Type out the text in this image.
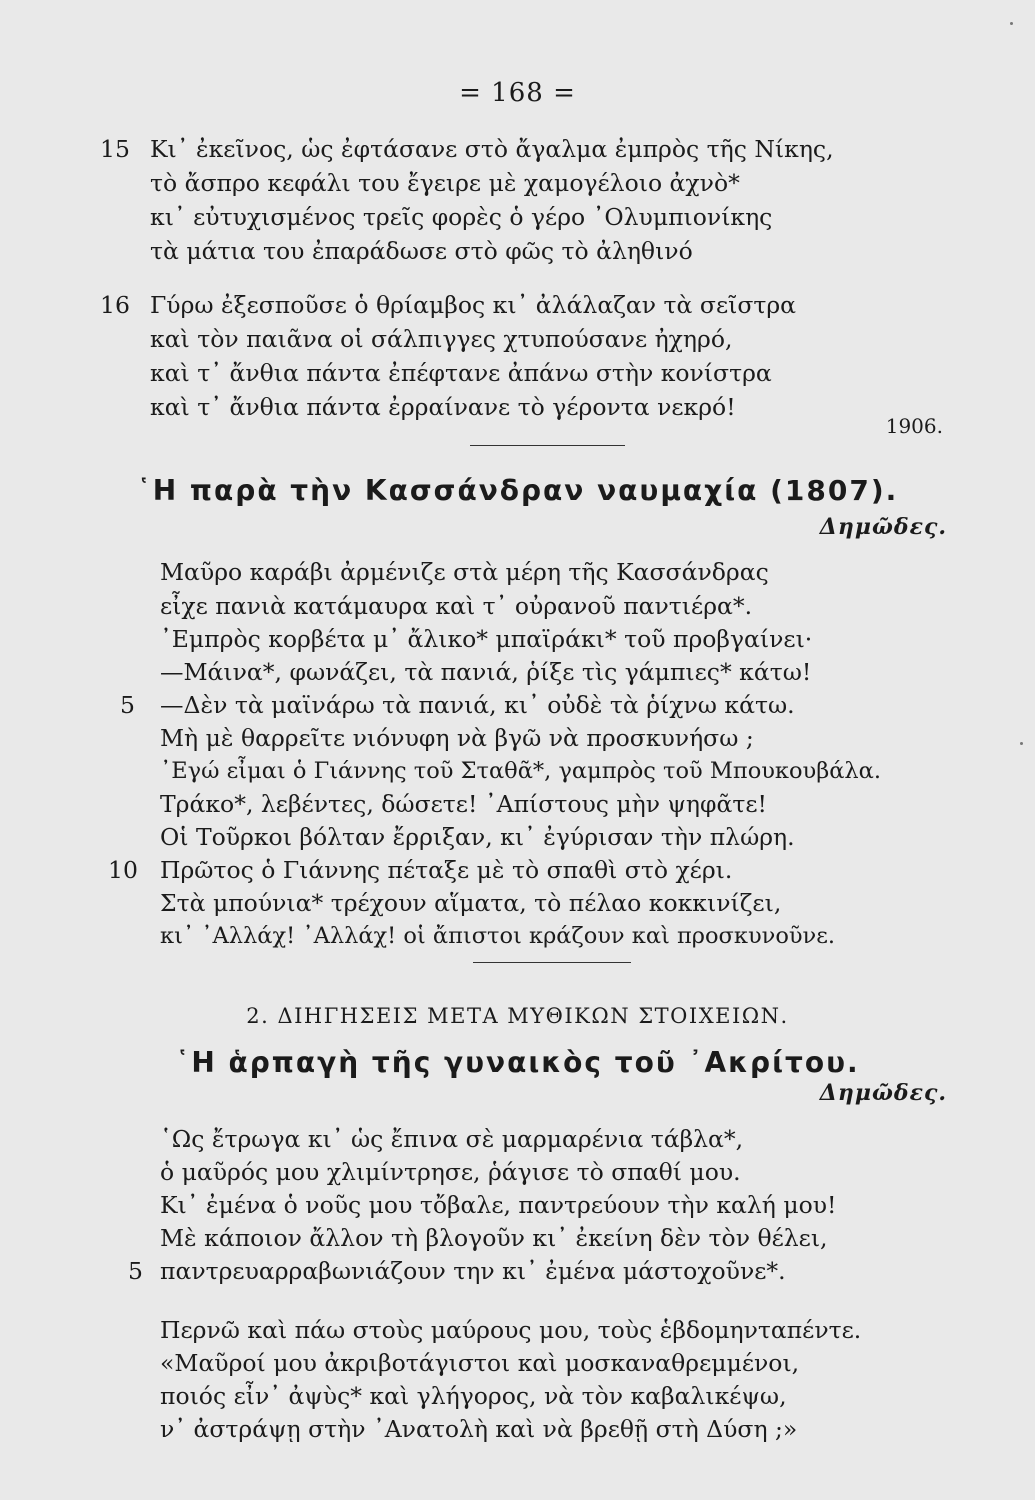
= 168 =
15 Κι᾿ ἐκεῖνος, ὡς ἐφτάσανε στὸ ἄγαλμα ἐμπρὸς τῆς Νίκης,
τὸ ἄσπρο κεφάλι του ἔγειρε μὲ χαμογέλοιο ἀχνὸ*
κι᾿ εὐτυχισμένος τρεῖς φορὲς ὁ γέρο ᾿Ολυμπιονίκης
τὰ μάτια του ἐπαράδωσε στὸ φῶς τὸ ἀληθινό
16 Γύρω ἐξεσποῦσε ὁ θρίαμβος κι᾿ ἀλάλαζαν τὰ σεῖστρα
καὶ τὸν παιᾶνα οἱ σάλπιγγες χτυπούσανε ἠχηρό,
καὶ τ᾿ ἄνθια πάντα ἐπέφτανε ἀπάνω στὴν κονίστρα
καὶ τ᾿ ἄνθια πάντα ἐρραίνανε τὸ γέροντα νεκρό!
1906.
῾Η παρὰ τὴν Κασσάνδραν ναυμαχία (1807).
Δημῶδες.
Μαῦρο καράβι ἀρμένιζε στὰ μέρη τῆς Κασσάνδρας
εἶχε πανιὰ κατάμαυρα καὶ τ᾿ οὐρανοῦ παντιέρα*.
᾿Εμπρὸς κορβέτα μ᾿ ἄλικο* μπαϊράκι* τοῦ προβγαίνει·
—Μάινα*, φωνάζει, τὰ πανιά, ῥίξε τὶς γάμπιες* κάτω!
5 —Δὲν τὰ μαϊνάρω τὰ πανιά, κι᾿ οὐδὲ τὰ ῥίχνω κάτω.
Μὴ μὲ θαρρεῖτε νιόνυφη νὰ βγῶ νὰ προσκυνήσω ;
᾿Εγώ εἶμαι ὁ Γιάννης τοῦ Σταθᾶ*, γαμπρὸς τοῦ Μπουκουβάλα.
Τράκο*, λεβέντες, δώσετε! ᾿Απίστους μὴν ψηφᾶτε!
Οἱ Τοῦρκοι βόλταν ἔρριξαν, κι᾿ ἐγύρισαν τὴν πλώρη.
10 Πρῶτος ὁ Γιάννης πέταξε μὲ τὸ σπαθὶ στὸ χέρι.
Στὰ μπούνια* τρέχουν αἵματα, τὸ πέλαο κοκκινίζει,
κι᾿ ᾿Αλλάχ! ᾿Αλλάχ! οἱ ἄπιστοι κράζουν καὶ προσκυνοῦνε.
2. ΔΙΗΓΗΣΕΙΣ ΜΕΤΑ ΜΥΘΙΚΩΝ ΣΤΟΙΧΕΙΩΝ.
῾Η ἁρπαγὴ τῆς γυναικὸς τοῦ ᾿Ακρίτου.
Δημῶδες.
῾Ως ἔτρωγα κι᾿ ὡς ἔπινα σὲ μαρμαρένια τάβλα*,
ὁ μαῦρός μου χλιμίντρησε, ῥάγισε τὸ σπαθί μου.
Κι᾿ ἐμένα ὁ νοῦς μου τὄβαλε, παντρεύουν τὴν καλή μου!
Μὲ κάποιον ἄλλον τὴ βλογοῦν κι᾿ ἐκείνη δὲν τὸν θέλει,
5 παντρευαρραβωνιάζουν την κι᾿ ἐμένα μάστοχοῦνε*.
Περνῶ καὶ πάω στοὺς μαύρους μου, τοὺς ἑβδομηνταπέντε.
«Μαῦροί μου ἀκριβοτάγιστοι καὶ μοσκαναθρεμμένοι,
ποιός εἶν᾿ ἀψὺς* καὶ γλήγορος, νὰ τὸν καβαλικέψω,
ν᾿ ἀστράψῃ στὴν ᾿Ανατολὴ καὶ νὰ βρεθῇ στὴ Δύση ;»
